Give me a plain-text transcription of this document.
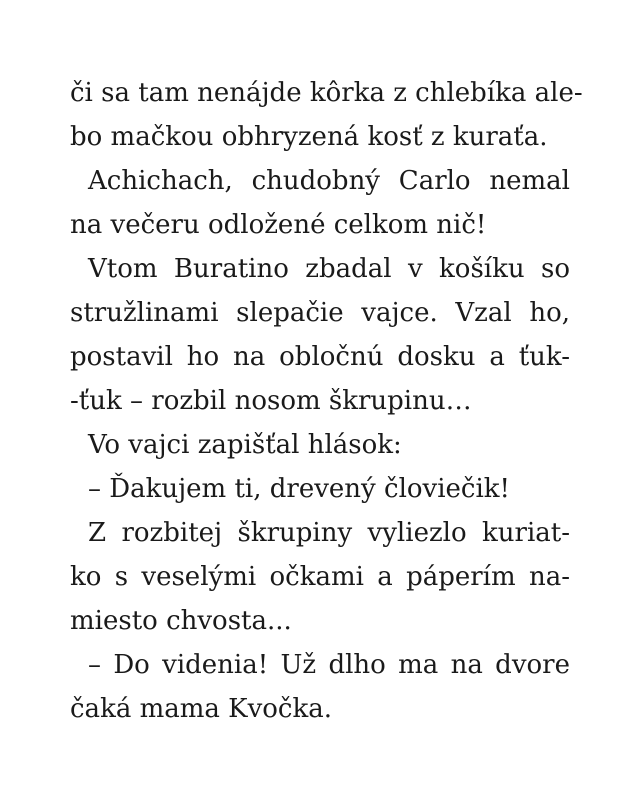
či sa tam nenájde kôrka z chlebíka ale-
bo mačkou obhryzená kosť z kuraťa.
Achichach, chudobný Carlo nemal
na večeru odložené celkom nič!
Vtom Buratino zbadal v košíku so
stružlinami slepačie vajce. Vzal ho,
postavil ho na obločnú dosku a ťuk-
-ťuk – rozbil nosom škrupinu…
Vo vajci zapišťal hlások:
– Ďakujem ti, drevený človiečik!
Z rozbitej škrupiny vyliezlo kuriat-
ko s veselými očkami a páperím na-
miesto chvosta...
– Do videnia! Už dlho ma na dvore
čaká mama Kvočka.
